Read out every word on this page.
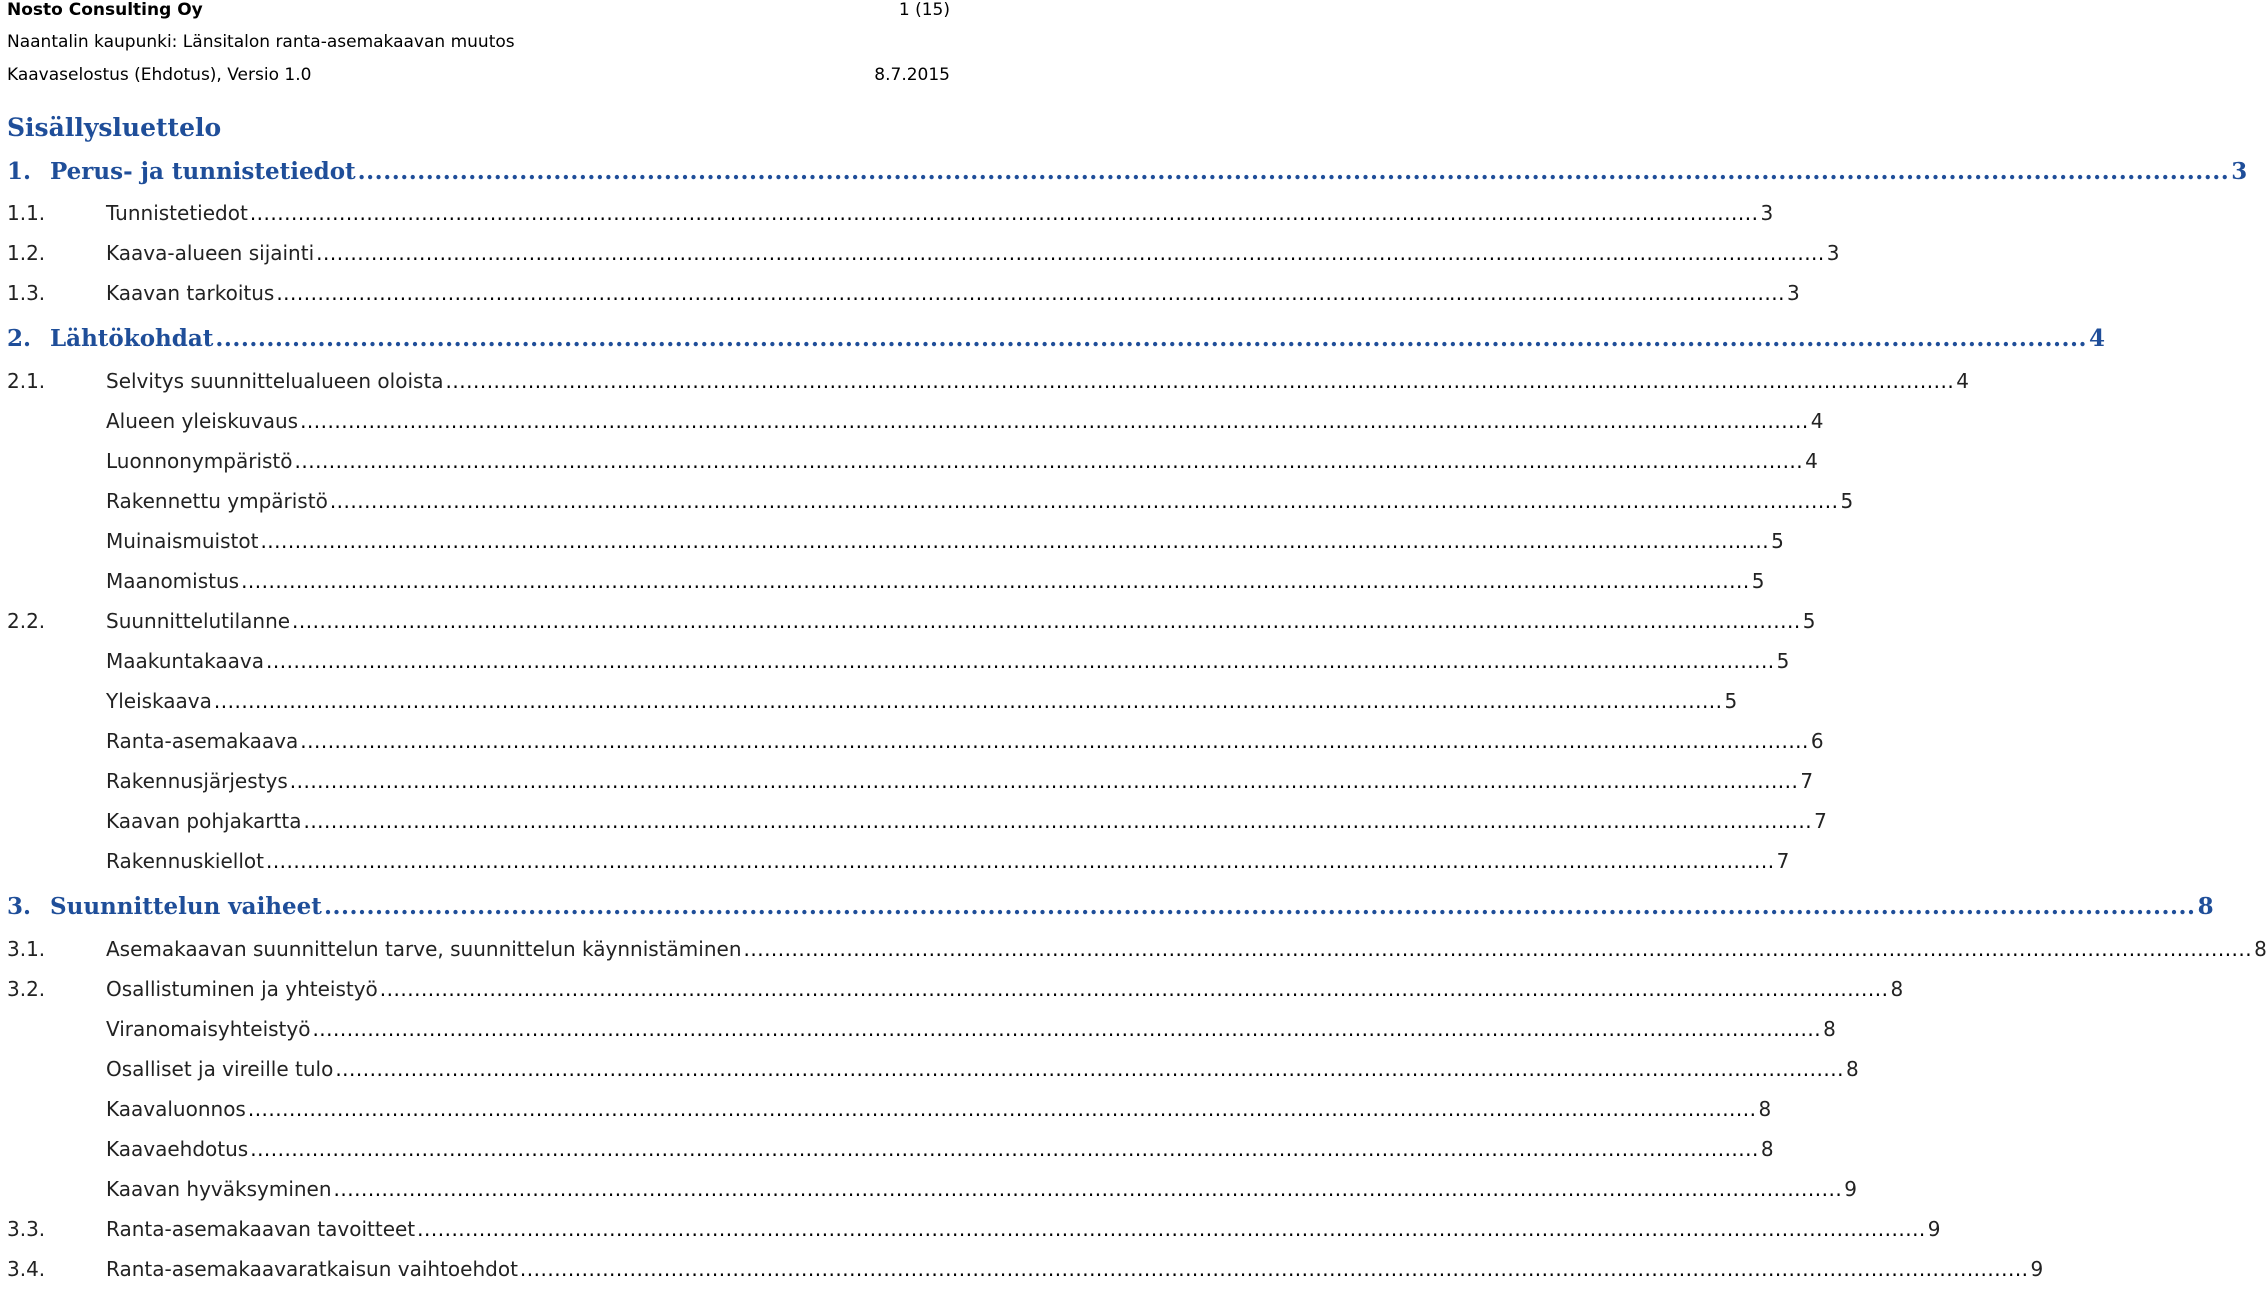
Nosto Consulting Oy	1 (15)
Naantalin kaupunki: Länsitalon ranta-asemakaavan muutos
Kaavaselostus (Ehdotus), Versio 1.0	8.7.2015
Sisällysluettelo
1. Perus- ja tunnistetiedot ............................................................................................................................................................................................................................ 3
1.1.	Tunnistetiedot ............................................................................................................................................................................................................................ 3
1.2.	Kaava-alueen sijainti ............................................................................................................................................................................................................................ 3
1.3.	Kaavan tarkoitus ............................................................................................................................................................................................................................ 3
2. Lähtökohdat ............................................................................................................................................................................................................................ 4
2.1.	Selvitys suunnittelualueen oloista ............................................................................................................................................................................................................................ 4
Alueen yleiskuvaus ............................................................................................................................................................................................................................ 4
Luonnonympäristö ............................................................................................................................................................................................................................ 4
Rakennettu ympäristö ............................................................................................................................................................................................................................ 5
Muinaismuistot ............................................................................................................................................................................................................................ 5
Maanomistus ............................................................................................................................................................................................................................ 5
2.2.	Suunnittelutilanne ............................................................................................................................................................................................................................ 5
Maakuntakaava ............................................................................................................................................................................................................................ 5
Yleiskaava ............................................................................................................................................................................................................................ 5
Ranta-asemakaava ............................................................................................................................................................................................................................ 6
Rakennusjärjestys ............................................................................................................................................................................................................................ 7
Kaavan pohjakartta ............................................................................................................................................................................................................................ 7
Rakennuskiellot ............................................................................................................................................................................................................................ 7
3. Suunnittelun vaiheet ............................................................................................................................................................................................................................ 8
3.1.	Asemakaavan suunnittelun tarve, suunnittelun käynnistäminen ............................................................................................................................................................................................................................ 8
3.2.	Osallistuminen ja yhteistyö ............................................................................................................................................................................................................................ 8
Viranomaisyhteistyö ............................................................................................................................................................................................................................ 8
Osalliset ja vireille tulo ............................................................................................................................................................................................................................ 8
Kaavaluonnos ............................................................................................................................................................................................................................ 8
Kaavaehdotus ............................................................................................................................................................................................................................ 8
Kaavan hyväksyminen ............................................................................................................................................................................................................................ 9
3.3.	Ranta-asemakaavan tavoitteet ............................................................................................................................................................................................................................ 9
3.4.	Ranta-asemakaavaratkaisun vaihtoehdot ............................................................................................................................................................................................................................ 9
